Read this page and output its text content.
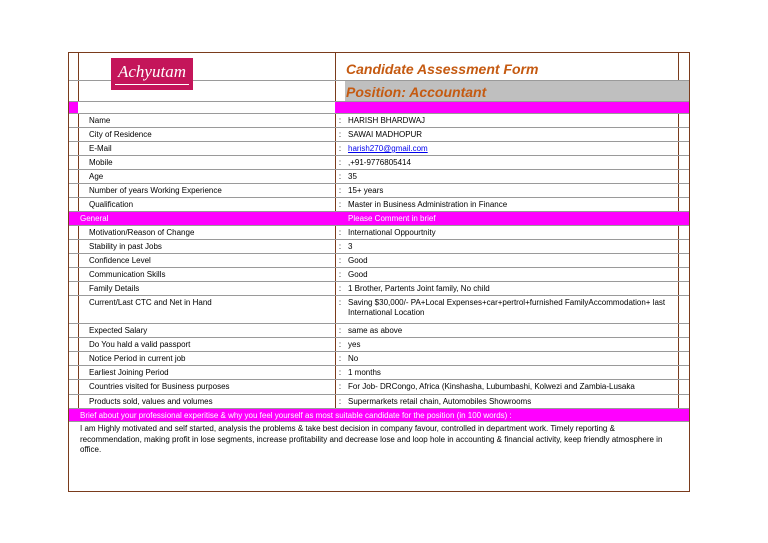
Candidate Assessment Form
Achyutam
Position: Accountant
Name	: HARISH BHARDWAJ
City of Residence	: SAWAI MADHOPUR
E-Mail	: harish270@gmail.com
Mobile	: ,+91-9776805414
Age	: 35
Number of years Working Experience	: 15+ years
Qualification	: Master in Business Administration in Finance
General	Please Comment in brief
Motivation/Reason of Change	: International Oppourtnity
Stability in past Jobs	: 3
Confidence Level	: Good
Communication Skills	: Good
Family Details	: 1 Brother, Partents Joint family, No child
Current/Last CTC and Net in Hand	: Saving $30,000/- PA+Local Expenses+car+pertrol+furnished FamilyAccommodation+ last International Location
Expected Salary	: same as above
Do You hald a valid passport	: yes
Notice Period in current job	: No
Earliest Joining Period	: 1 months
Countries visited for Business purposes	: For Job- DRCongo, Africa (Kinshasha, Lubumbashi, Kolwezi and Zambia-Lusaka
Products sold, values and volumes	: Supermarkets retail chain, Automobiles Showrooms
Brief about your professional experitise & why you feel yourself as most suitable candidate for the position (in 100 words) :
I am Highly motivated and self started, analysis the problems & take best decision in company favour, controlled in department work. Timely reporting & recommendation, making profit in lose segments, increase profitability and decrease lose and loop hole in accounting & financial activity, keep friendly atmosphere in office.
